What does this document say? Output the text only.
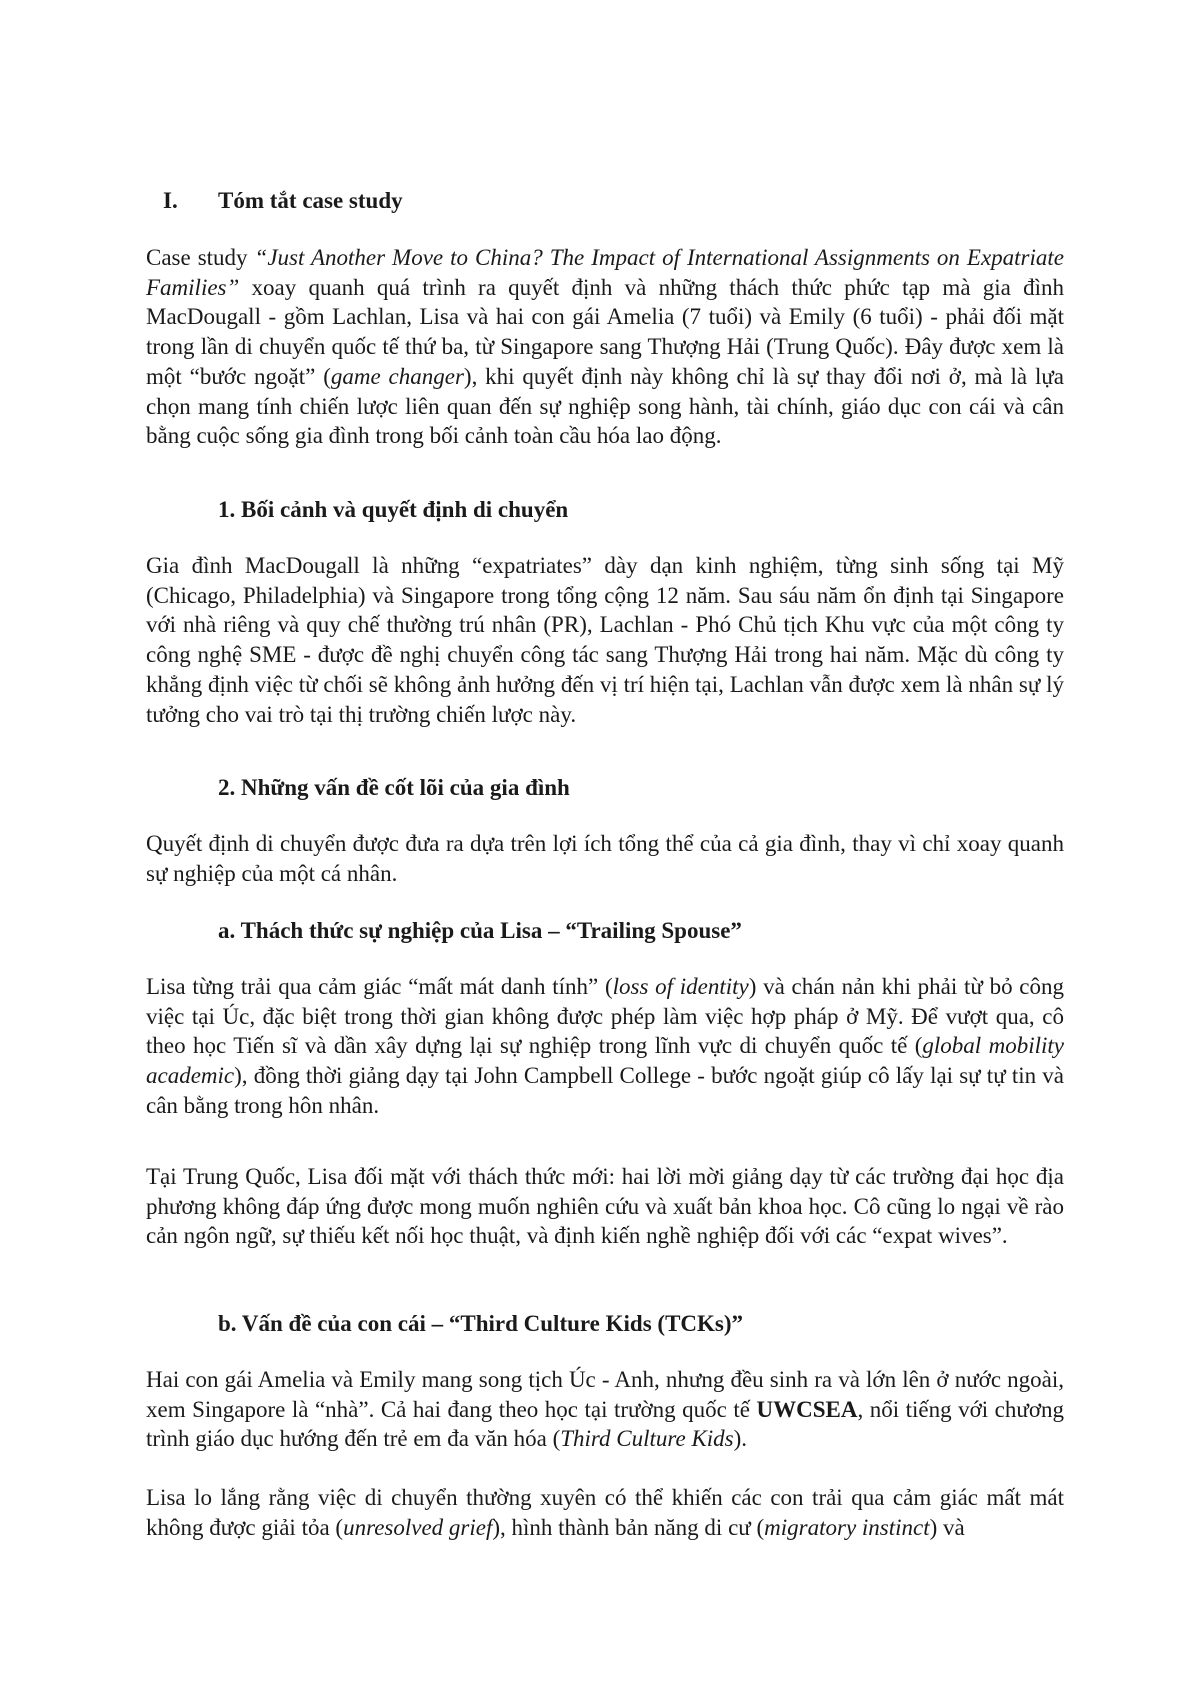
I. Tóm tắt case study

Case study “Just Another Move to China? The Impact of International Assignments on Expatriate Families” xoay quanh quá trình ra quyết định và những thách thức phức tạp mà gia đình MacDougall - gồm Lachlan, Lisa và hai con gái Amelia (7 tuổi) và Emily (6 tuổi) - phải đối mặt trong lần di chuyển quốc tế thứ ba, từ Singapore sang Thượng Hải (Trung Quốc). Đây được xem là một “bước ngoặt” (game changer), khi quyết định này không chỉ là sự thay đổi nơi ở, mà là lựa chọn mang tính chiến lược liên quan đến sự nghiệp song hành, tài chính, giáo dục con cái và cân bằng cuộc sống gia đình trong bối cảnh toàn cầu hóa lao động.

1. Bối cảnh và quyết định di chuyển

Gia đình MacDougall là những “expatriates” dày dạn kinh nghiệm, từng sinh sống tại Mỹ (Chicago, Philadelphia) và Singapore trong tổng cộng 12 năm. Sau sáu năm ổn định tại Singapore với nhà riêng và quy chế thường trú nhân (PR), Lachlan - Phó Chủ tịch Khu vực của một công ty công nghệ SME - được đề nghị chuyển công tác sang Thượng Hải trong hai năm. Mặc dù công ty khẳng định việc từ chối sẽ không ảnh hưởng đến vị trí hiện tại, Lachlan vẫn được xem là nhân sự lý tưởng cho vai trò tại thị trường chiến lược này.

2. Những vấn đề cốt lõi của gia đình

Quyết định di chuyển được đưa ra dựa trên lợi ích tổng thể của cả gia đình, thay vì chỉ xoay quanh sự nghiệp của một cá nhân.

a. Thách thức sự nghiệp của Lisa – “Trailing Spouse”

Lisa từng trải qua cảm giác “mất mát danh tính” (loss of identity) và chán nản khi phải từ bỏ công việc tại Úc, đặc biệt trong thời gian không được phép làm việc hợp pháp ở Mỹ. Để vượt qua, cô theo học Tiến sĩ và dần xây dựng lại sự nghiệp trong lĩnh vực di chuyển quốc tế (global mobility academic), đồng thời giảng dạy tại John Campbell College - bước ngoặt giúp cô lấy lại sự tự tin và cân bằng trong hôn nhân.

Tại Trung Quốc, Lisa đối mặt với thách thức mới: hai lời mời giảng dạy từ các trường đại học địa phương không đáp ứng được mong muốn nghiên cứu và xuất bản khoa học. Cô cũng lo ngại về rào cản ngôn ngữ, sự thiếu kết nối học thuật, và định kiến nghề nghiệp đối với các “expat wives”.

b. Vấn đề của con cái – “Third Culture Kids (TCKs)”

Hai con gái Amelia và Emily mang song tịch Úc - Anh, nhưng đều sinh ra và lớn lên ở nước ngoài, xem Singapore là “nhà”. Cả hai đang theo học tại trường quốc tế UWCSEA, nổi tiếng với chương trình giáo dục hướng đến trẻ em đa văn hóa (Third Culture Kids).

Lisa lo lắng rằng việc di chuyển thường xuyên có thể khiến các con trải qua cảm giác mất mát không được giải tỏa (unresolved grief), hình thành bản năng di cư (migratory instinct) và
